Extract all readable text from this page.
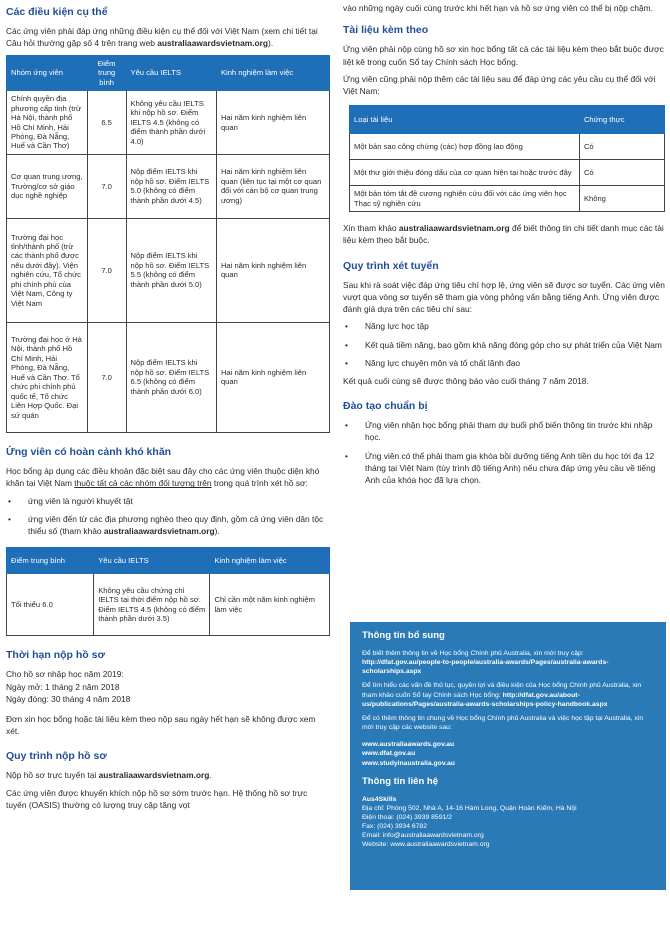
Các điều kiện cụ thể

Các ứng viên phải đáp ứng những điều kiện cụ thể đối với Việt Nam (xem chi tiết tại Câu hỏi thường gặp số 4 trên trang web australiaawardsvietnam.org).

Nhóm ứng viên	Điểm trung bình	Yêu cầu IELTS	Kinh nghiệm làm việc
Chính quyền địa phương cấp tỉnh (trừ Hà Nội, thành phố Hồ Chí Minh, Hải Phòng, Đà Nẵng, Huế và Cần Thơ)	6.5	Không yêu cầu IELTS khi nộp hồ sơ. Điểm IELTS 4.5 (không có điểm thành phần dưới 4.0)	Hai năm kinh nghiệm liên quan
Cơ quan trung ương, Trường/cơ sở giáo dục nghề nghiệp	7.0	Nộp điểm IELTS khi nộp hồ sơ. Điểm IELTS 5.0 (không có điểm thành phần dưới 4.5)	Hai năm kinh nghiệm liên quan (liên tục tại một cơ quan đối với cán bộ cơ quan trung ương)
Trường đại học tỉnh/thành phố (trừ các thành phố được nêu dưới đây). Viện nghiên cứu, Tổ chức phi chính phủ của Việt Nam, Công ty Việt Nam	7.0	Nộp điểm IELTS khi nộp hồ sơ. Điểm IELTS 5.5 (không có điểm thành phần dưới 5.0)	Hai năm kinh nghiệm liên quan
Trường đại học ở Hà Nội, thành phố Hồ Chí Minh, Hải Phòng, Đà Nẵng, Huế và Cần Thơ. Tổ chức phi chính phủ quốc tế, Tổ chức Liên Hợp Quốc. Đại sứ quán	7.0	Nộp điểm IELTS khi nộp hồ sơ. Điểm IELTS 6.5 (không có điểm thành phần dưới 6.0)	Hai năm kinh nghiệm liên quan
Ứng viên có hoàn cảnh khó khăn

Học bổng áp dụng các điều khoản đặc biệt sau đây cho các ứng viên thuộc diện khó khăn tại Việt Nam thuộc tất cả các nhóm đối tượng trên trong quá trình xét hồ sơ:

• ứng viên là người khuyết tật
• ứng viên đến từ các địa phương nghèo theo quy định, gồm cả ứng viên dân tộc thiểu số (tham khảo australiaawardsvietnam.org).
Điểm trung bình	Yêu cầu IELTS	Kinh nghiệm làm việc
Tối thiểu 6.0	Không yêu cầu chứng chỉ IELTS tại thời điểm nộp hồ sơ. Điểm IELTS 4.5 (không có điểm thành phần dưới 3.5)	Chỉ cần một năm kinh nghiệm làm việc
Thời hạn nộp hồ sơ

Cho hồ sơ nhập học năm 2019:

Ngày mở: 1 tháng 2 năm 2018

Ngày đóng: 30 tháng 4 năm 2018

Đơn xin học bổng hoặc tài liệu kèm theo nộp sau ngày hết hạn sẽ không được xem xét.

Quy trình nộp hồ sơ

Nộp hồ sơ trực tuyến tại australiaawardsvietnam.org.

Các ứng viên được khuyến khích nộp hồ sơ sớm trước hạn. Hệ thống hồ sơ trực tuyến (OASIS) thường có lượng truy cập tăng vọt

vào những ngày cuối cùng trước khi hết hạn và hồ sơ ứng viên có thể bị nộp chậm.

Tài liệu kèm theo

Ứng viên phải nộp cùng hồ sơ xin học bổng tất cả các tài liệu kèm theo bắt buộc được liệt kê trong cuốn Sổ tay Chính sách Học bổng.

Ứng viên cũng phải nộp thêm các tài liệu sau để đáp ứng các yêu cầu cụ thể đối với Việt Nam:

Loại tài liệu	Chứng thực
Một bản sao công chứng (các) hợp đồng lao động	Có
Một thư giới thiệu đóng dấu của cơ quan hiện tại hoặc trước đây	Có
Một bản tóm tắt đề cương nghiên cứu đối với các ứng viên học Thạc sỹ nghiên cứu	Không

Xin tham khảo australiaawardsvietnam.org để biết thông tin chi tiết danh mục các tài liệu kèm theo bắt buộc.

Quy trình xét tuyển

Sau khi rà soát việc đáp ứng tiêu chí hợp lệ, ứng viên sẽ được sơ tuyển. Các ứng viên vượt qua vòng sơ tuyển sẽ tham gia vòng phỏng vấn bằng tiếng Anh. Ứng viên được đánh giá dựa trên các tiêu chí sau:

• Năng lực học tập
• Kết quả tiềm năng, bao gồm khả năng đóng góp cho sự phát triển của Việt Nam
• Năng lực chuyên môn và tố chất lãnh đạo

Kết quả cuối cùng sẽ được thông báo vào cuối tháng 7 năm 2018.

Đào tạo chuẩn bị
• Ứng viên nhận học bổng phải tham dự buổi phổ biến thông tin trước khi nhập học.
• Ứng viên có thể phải tham gia khóa bồi dưỡng tiếng Anh tiền du học tới đa 12 tháng tại Việt Nam (tùy trình độ tiếng Anh) nếu chưa đáp ứng yêu cầu về tiếng Anh của khóa học đã lựa chọn.
Thông tin bổ sung

Để biết thêm thông tin về Học bổng Chính phủ Australia, xin mời truy cập: http://dfat.gov.au/people-to-people/australia-awards/Pages/australia-awards-scholarships.aspx

Để tìm hiểu các vấn đề thủ tục, quyền lợi và điều kiện của Học bổng Chính phủ Australia, xin tham khảo cuốn Sổ tay Chính sách Học bổng: http://dfat.gov.au/about-us/publications/Pages/australia-awards-scholarships-policy-handbook.aspx

Để có thêm thông tin chung về Học bổng Chính phủ Australia và việc học tập tại Australia, xin mời truy cập các website sau:

www.australiaawards.gov.au

www.dfat.gov.au

www.studyinaustralia.gov.au

Thông tin liên hệ

Aus4Skills

Địa chỉ: Phòng 502, Nhà A, 14-16 Hàm Long, Quận Hoàn Kiếm, Hà Nội

Điện thoại: (024) 3939 8591/2

Fax: (024) 3934 6782

Email: info@australiaawardsvietnam.org

Website: www.australiaawardsvietnam.org
